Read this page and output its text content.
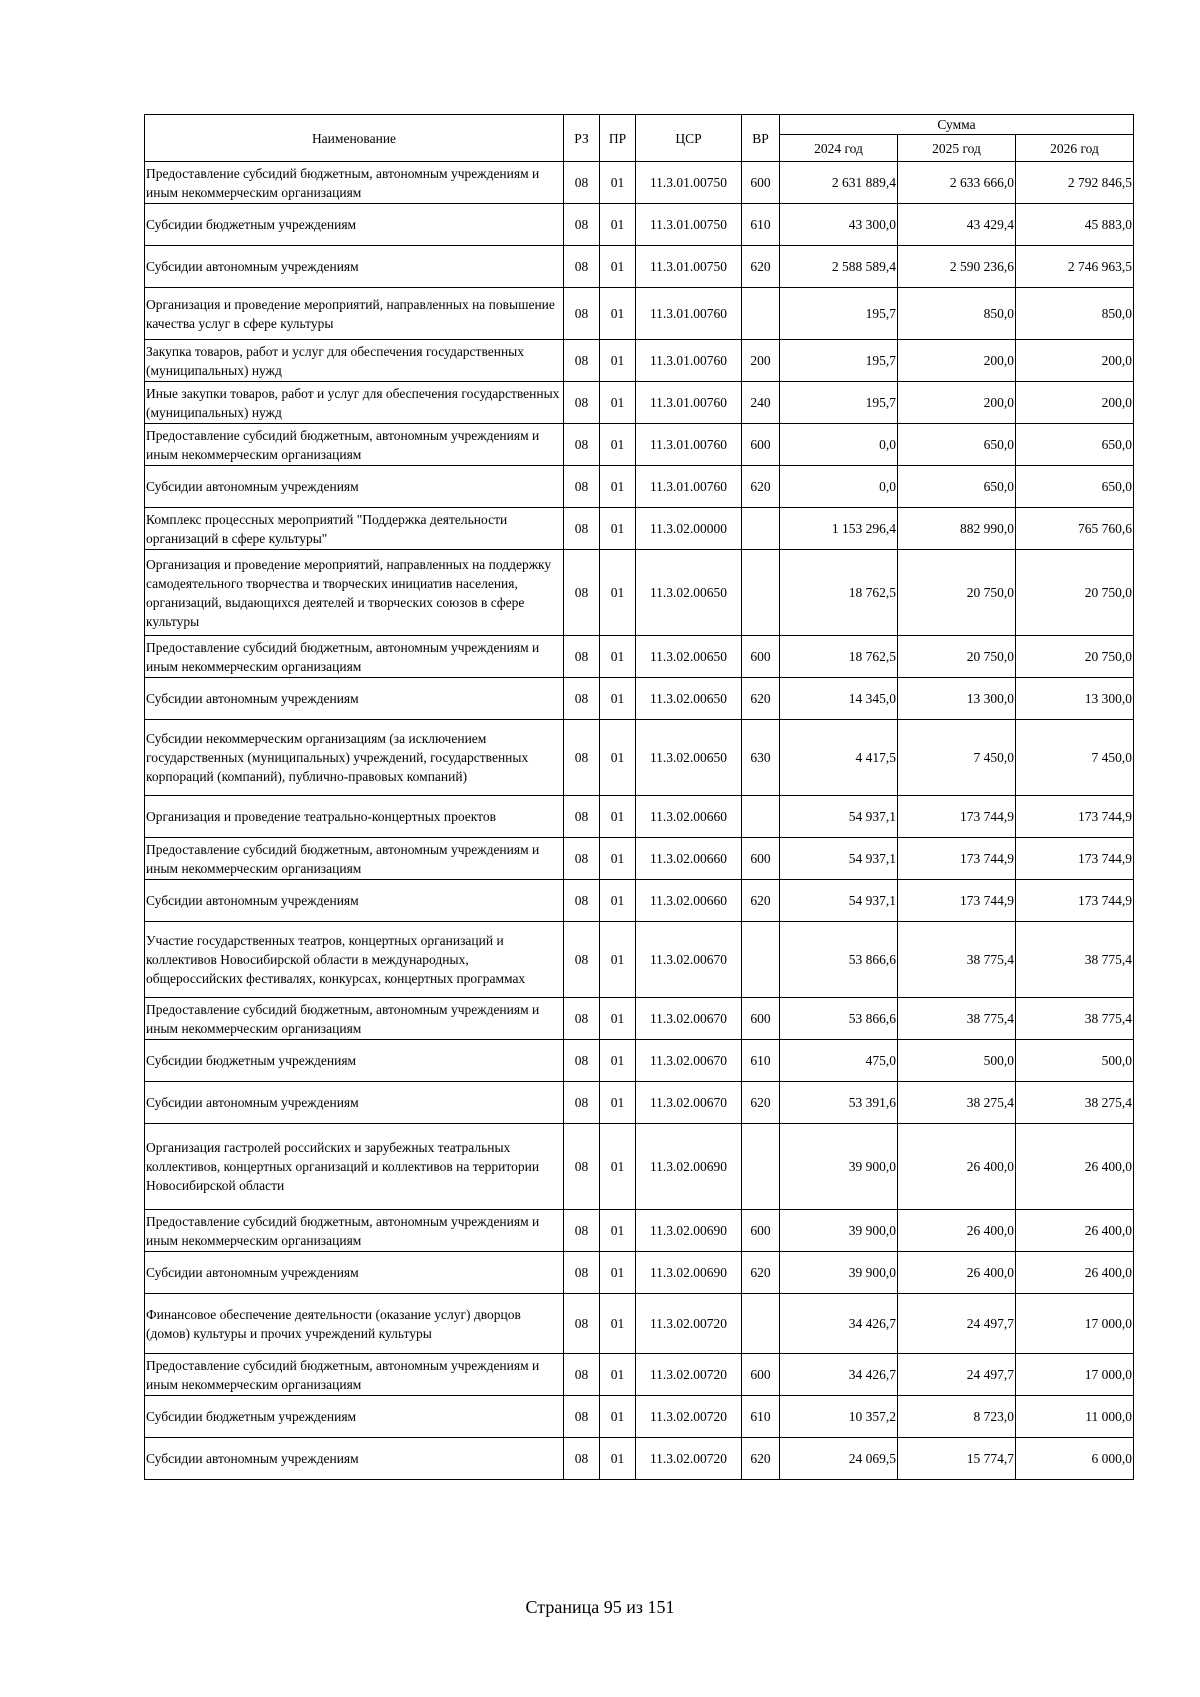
Наименование	РЗ	ПР	ЦСР	ВР	Сумма		
					2024 год	2025 год	2026 год
Предоставление субсидий бюджетным, автономным учреждениям и иным некоммерческим организациям	08	01	11.3.01.00750	600	2 631 889,4	2 633 666,0	2 792 846,5
Субсидии бюджетным учреждениям	08	01	11.3.01.00750	610	43 300,0	43 429,4	45 883,0
Субсидии автономным учреждениям	08	01	11.3.01.00750	620	2 588 589,4	2 590 236,6	2 746 963,5
Организация и проведение мероприятий, направленных на повышение качества услуг в сфере культуры	08	01	11.3.01.00760		195,7	850,0	850,0
Закупка товаров, работ и услуг для обеспечения государственных (муниципальных) нужд	08	01	11.3.01.00760	200	195,7	200,0	200,0
Иные закупки товаров, работ и услуг для обеспечения государственных (муниципальных) нужд	08	01	11.3.01.00760	240	195,7	200,0	200,0
Предоставление субсидий бюджетным, автономным учреждениям и иным некоммерческим организациям	08	01	11.3.01.00760	600	0,0	650,0	650,0
Субсидии автономным учреждениям	08	01	11.3.01.00760	620	0,0	650,0	650,0
Комплекс процессных мероприятий "Поддержка деятельности организаций в сфере культуры"	08	01	11.3.02.00000		1 153 296,4	882 990,0	765 760,6
Организация и проведение мероприятий, направленных на поддержку самодеятельного творчества и творческих инициатив населения, организаций, выдающихся деятелей и творческих союзов в сфере культуры	08	01	11.3.02.00650		18 762,5	20 750,0	20 750,0
Предоставление субсидий бюджетным, автономным учреждениям и иным некоммерческим организациям	08	01	11.3.02.00650	600	18 762,5	20 750,0	20 750,0
Субсидии автономным учреждениям	08	01	11.3.02.00650	620	14 345,0	13 300,0	13 300,0
Субсидии некоммерческим организациям (за исключением государственных (муниципальных) учреждений, государственных корпораций (компаний), публично-правовых компаний)	08	01	11.3.02.00650	630	4 417,5	7 450,0	7 450,0
Организация и проведение театрально-концертных проектов	08	01	11.3.02.00660		54 937,1	173 744,9	173 744,9
Предоставление субсидий бюджетным, автономным учреждениям и иным некоммерческим организациям	08	01	11.3.02.00660	600	54 937,1	173 744,9	173 744,9
Субсидии автономным учреждениям	08	01	11.3.02.00660	620	54 937,1	173 744,9	173 744,9
Участие государственных театров, концертных организаций и коллективов Новосибирской области в международных, общероссийских фестивалях, конкурсах, концертных программах	08	01	11.3.02.00670		53 866,6	38 775,4	38 775,4
Предоставление субсидий бюджетным, автономным учреждениям и иным некоммерческим организациям	08	01	11.3.02.00670	600	53 866,6	38 775,4	38 775,4
Субсидии бюджетным учреждениям	08	01	11.3.02.00670	610	475,0	500,0	500,0
Субсидии автономным учреждениям	08	01	11.3.02.00670	620	53 391,6	38 275,4	38 275,4
Организация гастролей российских и зарубежных театральных коллективов, концертных организаций и коллективов на территории Новосибирской области	08	01	11.3.02.00690		39 900,0	26 400,0	26 400,0
Предоставление субсидий бюджетным, автономным учреждениям и иным некоммерческим организациям	08	01	11.3.02.00690	600	39 900,0	26 400,0	26 400,0
Субсидии автономным учреждениям	08	01	11.3.02.00690	620	39 900,0	26 400,0	26 400,0
Финансовое обеспечение деятельности (оказание услуг) дворцов (домов) культуры и прочих учреждений культуры	08	01	11.3.02.00720		34 426,7	24 497,7	17 000,0
Предоставление субсидий бюджетным, автономным учреждениям и иным некоммерческим организациям	08	01	11.3.02.00720	600	34 426,7	24 497,7	17 000,0
Субсидии бюджетным учреждениям	08	01	11.3.02.00720	610	10 357,2	8 723,0	11 000,0
Субсидии автономным учреждениям	08	01	11.3.02.00720	620	24 069,5	15 774,7	6 000,0
Страница 95 из 151
